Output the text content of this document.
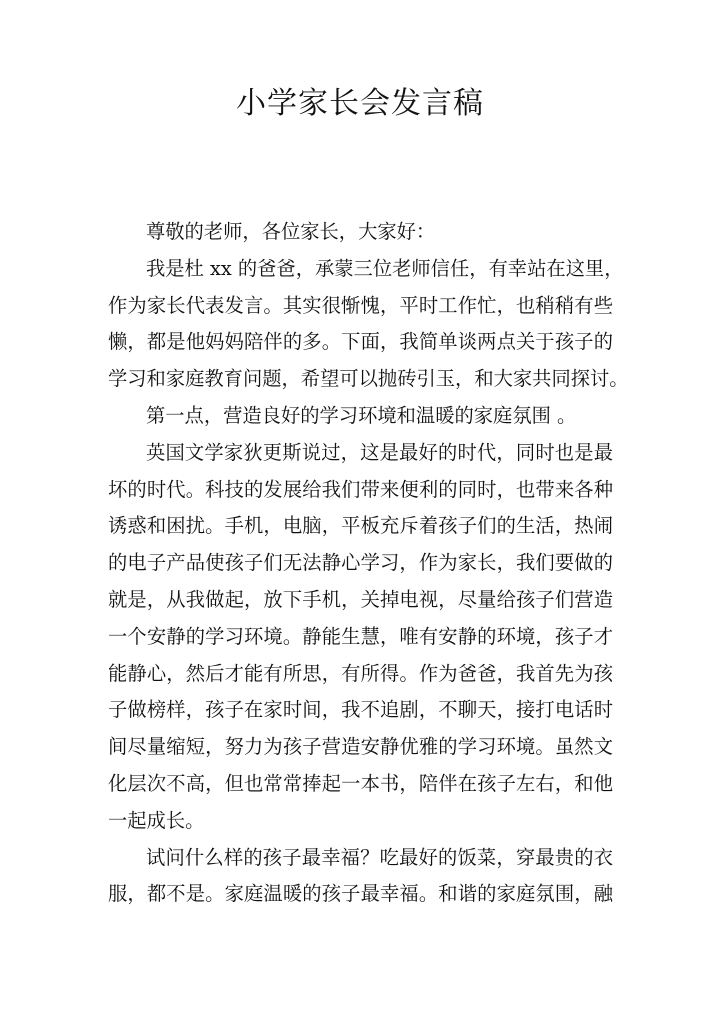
小学家长会发言稿
尊敬的老师，各位家长，大家好：
我是杜 xx 的爸爸，承蒙三位老师信任，有幸站在这里，
作为家长代表发言。其实很惭愧，平时工作忙，也稍稍有些
懒，都是他妈妈陪伴的多。下面，我简单谈两点关于孩子的
学习和家庭教育问题，希望可以抛砖引玉，和大家共同探讨。
第一点，营造良好的学习环境和温暖的家庭氛围 。
英国文学家狄更斯说过，这是最好的时代，同时也是最
坏的时代。科技的发展给我们带来便利的同时，也带来各种
诱惑和困扰。手机，电脑，平板充斥着孩子们的生活，热闹
的电子产品使孩子们无法静心学习，作为家长，我们要做的
就是，从我做起，放下手机，关掉电视，尽量给孩子们营造
一个安静的学习环境。静能生慧，唯有安静的环境，孩子才
能静心，然后才能有所思，有所得。作为爸爸，我首先为孩
子做榜样，孩子在家时间，我不追剧，不聊天，接打电话时
间尽量缩短，努力为孩子营造安静优雅的学习环境。虽然文
化层次不高，但也常常捧起一本书，陪伴在孩子左右，和他
一起成长。
试问什么样的孩子最幸福？吃最好的饭菜，穿最贵的衣
服，都不是。家庭温暖的孩子最幸福。和谐的家庭氛围，融
